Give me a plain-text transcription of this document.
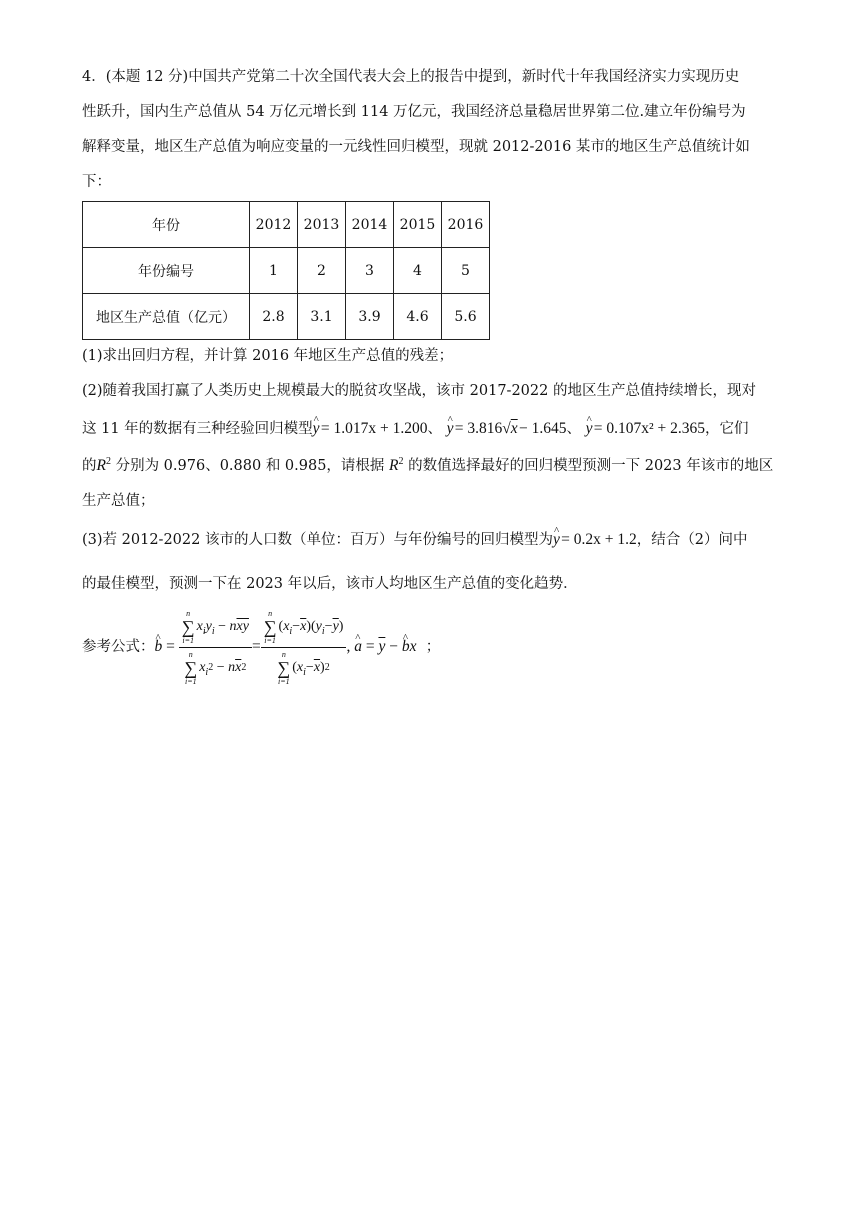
4．(本题 12 分)中国共产党第二十次全国代表大会上的报告中提到，新时代十年我国经济实力实现历史
性跃升，国内生产总值从 54 万亿元增长到 114 万亿元，我国经济总量稳居世界第二位.建立年份编号为
解释变量，地区生产总值为响应变量的一元线性回归模型，现就 2012-2016 某市的地区生产总值统计如
下：
年份	2012	2013	2014	2015	2016
年份编号	1	2	3	4	5
地区生产总值（亿元）	2.8	3.1	3.9	4.6	5.6
(1)求出回归方程，并计算 2016 年地区生产总值的残差；
(2)随着我国打赢了人类历史上规模最大的脱贫攻坚战，该市 2017-2022 的地区生产总值持续增长，现对
这 11 年的数据有三种经验回归模型^ y = 1.017x + 1.200、 ^ y = 3.816√x − 1.645、 ^ y = 0.107x² + 2.365，它们
的$R^2$ 分别为 0.976、0.880 和 0.985，请根据 $R^2$ 的数值选择最好的回归模型预测一下 2023 年该市的地区
生产总值；
(3)若 2012-2022 该市的人口数（单位：百万）与年份编号的回归模型为^ y = 0.2x + 1.2，结合（2）问中
的最佳模型，预测一下在 2023 年以后，该市人均地区生产总值的变化趋势．
参考公式： ^ b = n
∑
i=1
$x_iy_i - n$ $\overline{xy}$
n
∑
i=1
$x_i$ 2 − n $\overline{x}$ 2 = n
∑
i=1
( $x_i - \overline{x}$ )( $y_i - \overline{y}$ )
n
∑
i=1
( $x_i - \overline{x}$ ) 2 , ^ $a = \overline{y}$ − ^ b x
；
